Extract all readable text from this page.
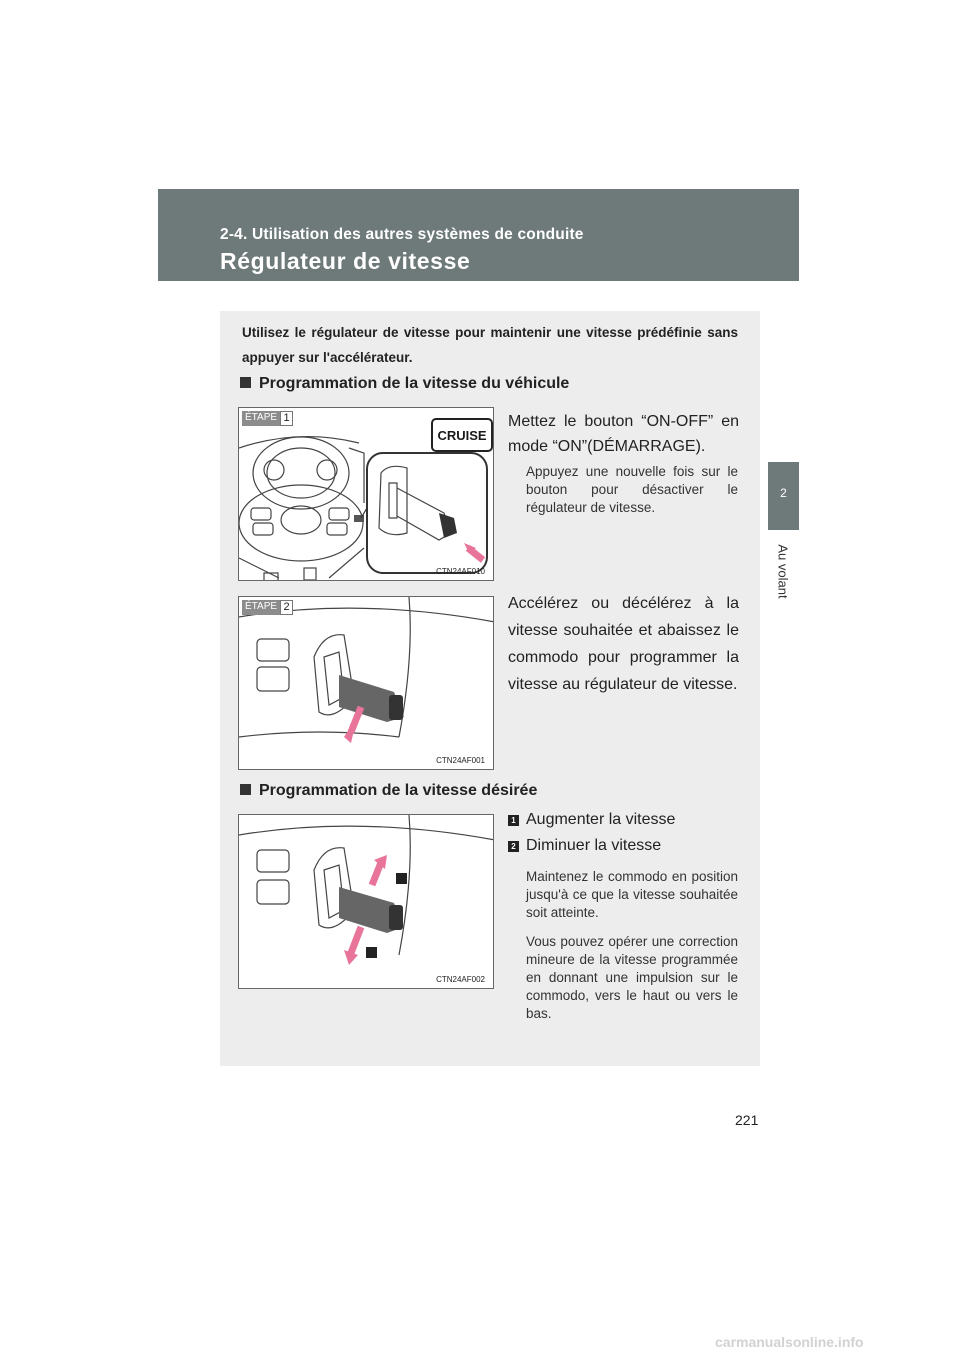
2-4. Utilisation des autres systèmes de conduite
Régulateur de vitesse
2
Au volant
Utilisez le régulateur de vitesse pour maintenir une vitesse prédéfinie sans appuyer sur l'accélérateur.
Programmation de la vitesse du véhicule
ÉTAPE 1
CRUISE
CTN24AF010
Mettez le bouton “ON-OFF” en mode “ON”(DÉMARRAGE).
Appuyez une nouvelle fois sur le bouton pour désactiver le régulateur de vitesse.
ÉTAPE 2
CTN24AF001
Accélérez ou décélérez à la vitesse souhaitée et abaissez le commodo pour programmer la vitesse au régulateur de vitesse.
Programmation de la vitesse désirée
CTN24AF002
1 Augmenter la vitesse
2 Diminuer la vitesse
Maintenez le commodo en position jusqu'à ce que la vitesse souhaitée soit atteinte.
Vous pouvez opérer une correction mineure de la vitesse programmée en donnant une impulsion sur le commodo, vers le haut ou vers le bas.
221
carmanualsonline.info
